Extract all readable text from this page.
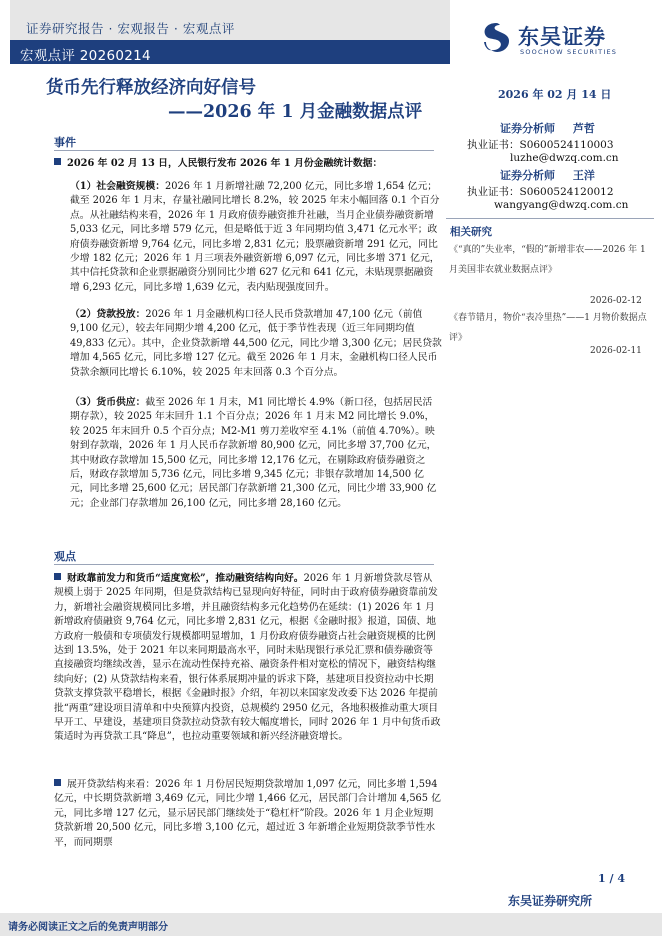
证券研究报告 · 宏观报告 · 宏观点评
宏观点评 20260214
东吴证券
SOOCHOW SECURITIES
货币先行释放经济向好信号
——2026 年 1 月金融数据点评
2026 年 02 月 14 日
证券分析师 芦哲
执业证书：S0600524110003
luzhe@dwzq.com.cn
证券分析师 王洋
执业证书：S0600524120012
wangyang@dwzq.com.cn
相关研究
《“真的”失业率，“假的”新增非农——2026 年 1 月美国非农就业数据点评》
2026-02-12
《春节错月，物价“表冷里热”——1 月物价数据点评》
2026-02-11
事件
2026 年 02 月 13 日，人民银行发布 2026 年 1 月份金融统计数据：
（1）社会融资规模：2026 年 1 月新增社融 72,200 亿元，同比多增 1,654 亿元；截至 2026 年 1 月末，存量社融同比增长 8.2%，较 2025 年末小幅回落 0.1 个百分点。从社融结构来看，2026 年 1 月政府债券融资推升社融，当月企业债券融资新增 5,033 亿元，同比多增 579 亿元，但是略低于近 3 年同期均值 3,471 亿元水平；政府债券融资新增 9,764 亿元，同比多增 2,831 亿元；股票融资新增 291 亿元，同比少增 182 亿元；2026 年 1 月三项表外融资新增 6,097 亿元，同比多增 371 亿元，其中信托贷款和企业票据融资分别同比少增 627 亿元和 641 亿元，未贴现票据融资增 6,293 亿元，同比多增 1,639 亿元，表内贴现强度回升。
（2）贷款投放：2026 年 1 月金融机构口径人民币贷款增加 47,100 亿元（前值 9,100 亿元），较去年同期少增 4,200 亿元，低于季节性表现（近三年同期均值 49,833 亿元）。其中，企业贷款新增 44,500 亿元，同比少增 3,300 亿元；居民贷款增加 4,565 亿元，同比多增 127 亿元。截至 2026 年 1 月末，金融机构口径人民币贷款余额同比增长 6.10%，较 2025 年末回落 0.3 个百分点。
（3）货币供应：截至 2026 年 1 月末，M1 同比增长 4.9%（新口径，包括居民活期存款），较 2025 年末回升 1.1 个百分点；2026 年 1 月末 M2 同比增长 9.0%，较 2025 年末回升 0.5 个百分点；M2-M1 剪刀差收窄至 4.1%（前值 4.70%）。映射到存款端，2026 年 1 月人民币存款新增 80,900 亿元，同比多增 37,700 亿元，其中财政存款增加 15,500 亿元，同比多增 12,176 亿元，在剔除政府债券融资之后，财政存款增加 5,736 亿元，同比多增 9,345 亿元；非银存款增加 14,500 亿元，同比多增 25,600 亿元；居民部门存款新增 21,300 亿元，同比少增 33,900 亿元；企业部门存款增加 26,100 亿元，同比多增 28,160 亿元。
观点
财政靠前发力和货币“适度宽松”，推动融资结构向好。2026 年 1 月新增贷款尽管从规模上弱于 2025 年同期，但是贷款结构已显现向好特征，同时由于政府债券融资靠前发力，新增社会融资规模同比多增，并且融资结构多元化趋势仍在延续：(1) 2026 年 1 月新增政府债融资 9,764 亿元，同比多增 2,831 亿元，根据《金融时报》报道，国债、地方政府一般债和专项债发行规模都明显增加，1 月份政府债券融资占社会融资规模的比例达到 13.5%，处于 2021 年以来同期最高水平，同时未贴现银行承兑汇票和债券融资等直接融资均继续改善，显示在流动性保持充裕、融资条件相对宽松的情况下，融资结构继续向好；(2) 从贷款结构来看，银行体系展期冲量的诉求下降，基建项目投资拉动中长期贷款支撑贷款平稳增长，根据《金融时报》介绍，年初以来国家发改委下达 2026 年提前批“两重”建设项目清单和中央预算内投资，总规模约 2950 亿元，各地积极推动重大项目早开工、早建设，基建项目贷款拉动贷款有较大幅度增长，同时 2026 年 1 月中旬货币政策适时为再贷款工具“降息”，也拉动重要领域和新兴经济融资增长。
展开贷款结构来看：2026 年 1 月份居民短期贷款增加 1,097 亿元，同比多增 1,594 亿元，中长期贷款新增 3,469 亿元，同比少增 1,466 亿元，居民部门合计增加 4,565 亿元，同比多增 127 亿元，显示居民部门继续处于“稳杠杆”阶段。2026 年 1 月企业短期贷款新增 20,500 亿元，同比多增 3,100 亿元，超过近 3 年新增企业短期贷款季节性水平，而同期票
1 / 4
东吴证券研究所
请务必阅读正文之后的免责声明部分
